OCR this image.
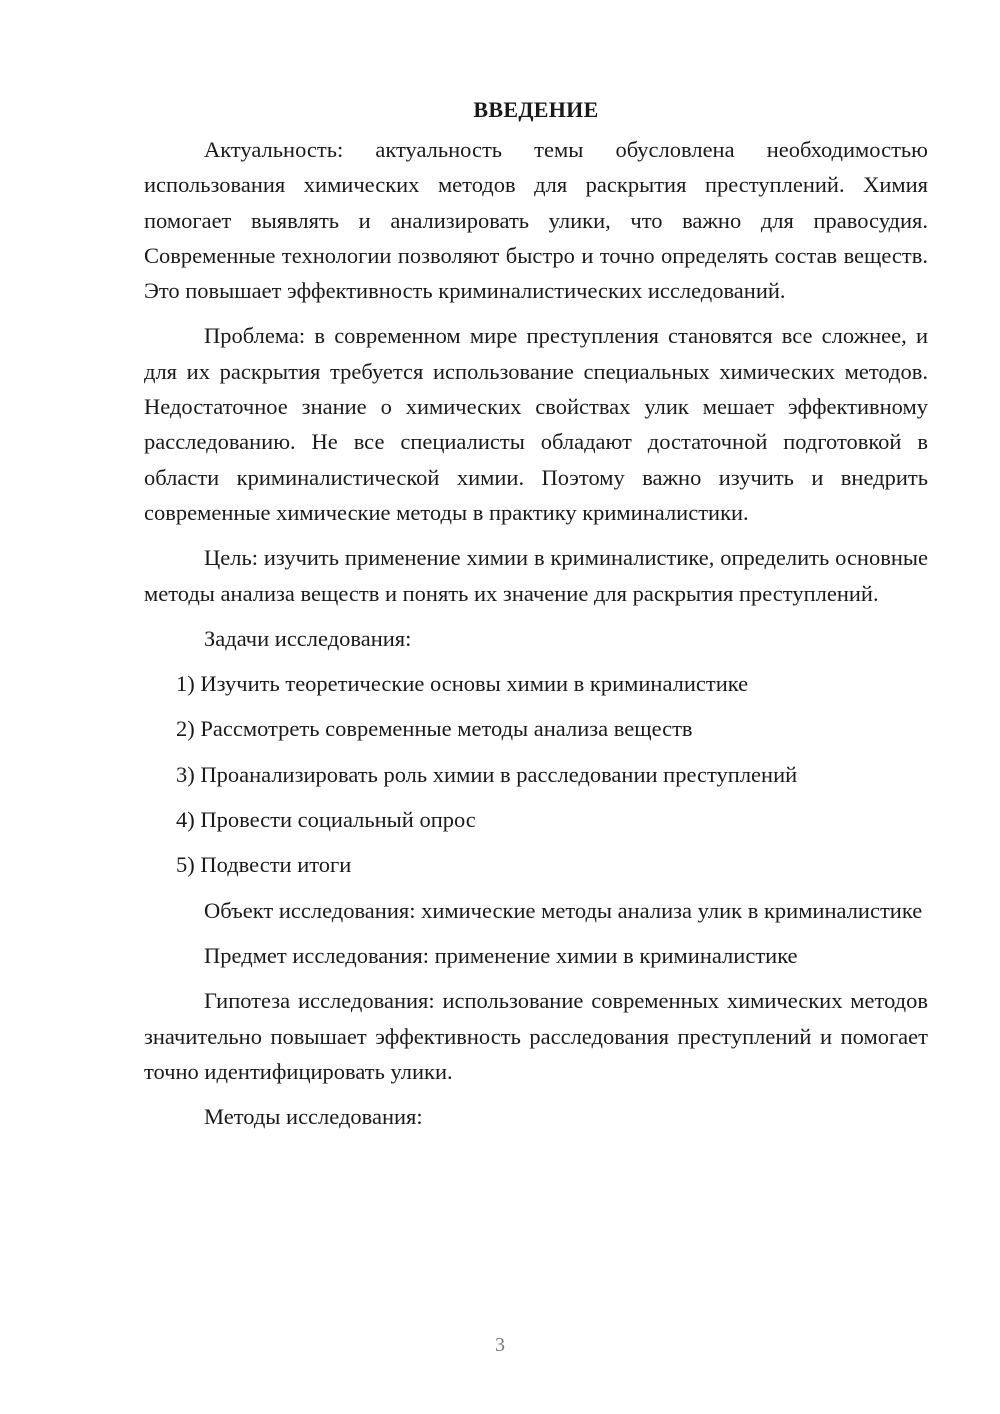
ВВЕДЕНИЕ

Актуальность: актуальность темы обусловлена необходимостью использования химических методов для раскрытия преступлений. Химия помогает выявлять и анализировать улики, что важно для правосудия. Современные технологии позволяют быстро и точно определять состав веществ. Это повышает эффективность криминалистических исследований.

Проблема: в современном мире преступления становятся все сложнее, и для их раскрытия требуется использование специальных химических методов. Недостаточное знание о химических свойствах улик мешает эффективному расследованию. Не все специалисты обладают достаточной подготовкой в области криминалистической химии. Поэтому важно изучить и внедрить современные химические методы в практику криминалистики.

Цель: изучить применение химии в криминалистике, определить основные методы анализа веществ и понять их значение для раскрытия преступлений.

Задачи исследования:

1) Изучить теоретические основы химии в криминалистике
2) Рассмотреть современные методы анализа веществ
3) Проанализировать роль химии в расследовании преступлений
4) Провести социальный опрос
5) Подвести итоги

Объект исследования: химические методы анализа улик в криминалистике

Предмет исследования: применение химии в криминалистике

Гипотеза исследования: использование современных химических методов значительно повышает эффективность расследования преступлений и помогает точно идентифицировать улики.

Методы исследования:

3
